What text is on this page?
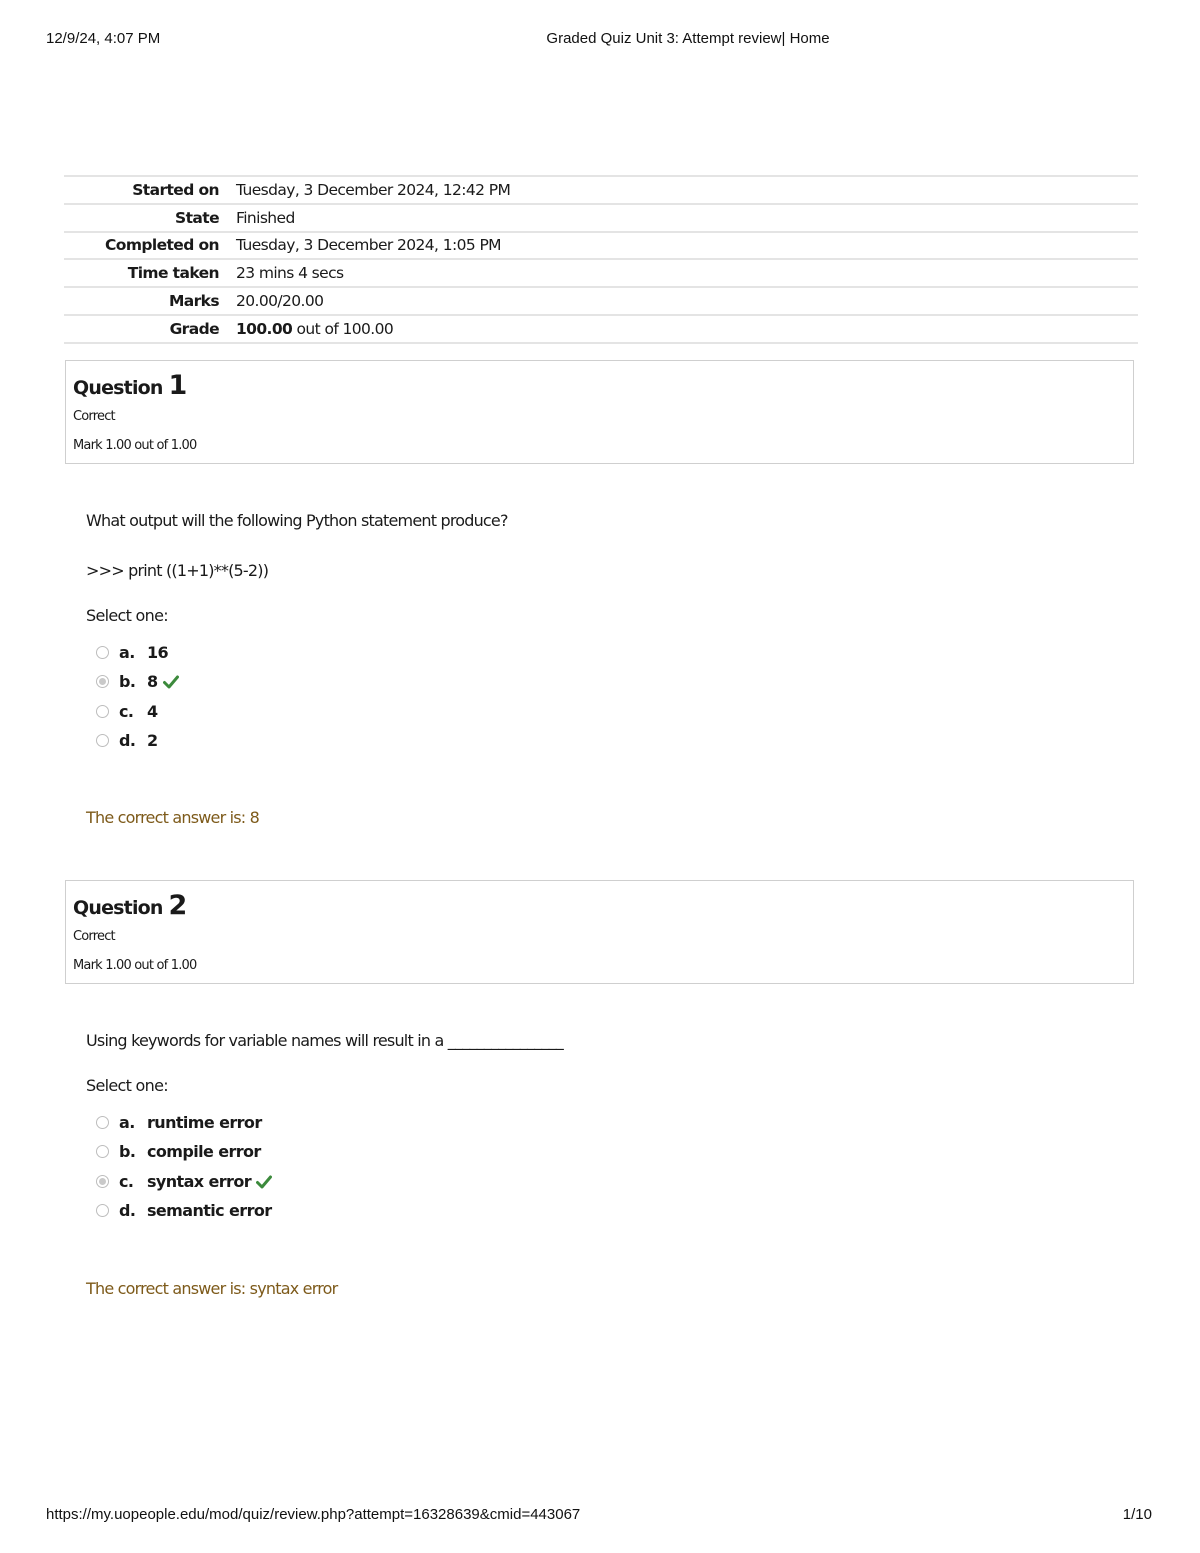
12/9/24, 4:07 PM	Graded Quiz Unit 3: Attempt review| Home
Started on	Tuesday, 3 December 2024, 12:42 PM
State	Finished
Completed on	Tuesday, 3 December 2024, 1:05 PM
Time taken	23 mins 4 secs
Marks	20.00/20.00
Grade	100.00 out of 100.00
Question 1
Correct
Mark 1.00 out of 1.00
What output will the following Python statement produce?
>>> print ((1+1)**(5-2))
Select one:
a. 16
b. 8
c. 4
d. 2
The correct answer is: 8
Question 2
Correct
Mark 1.00 out of 1.00
Using keywords for variable names will result in a ________________
Select one:
a. runtime error
b. compile error
c. syntax error
d. semantic error
The correct answer is: syntax error
https://my.uopeople.edu/mod/quiz/review.php?attempt=16328639&cmid=443067	1/10
